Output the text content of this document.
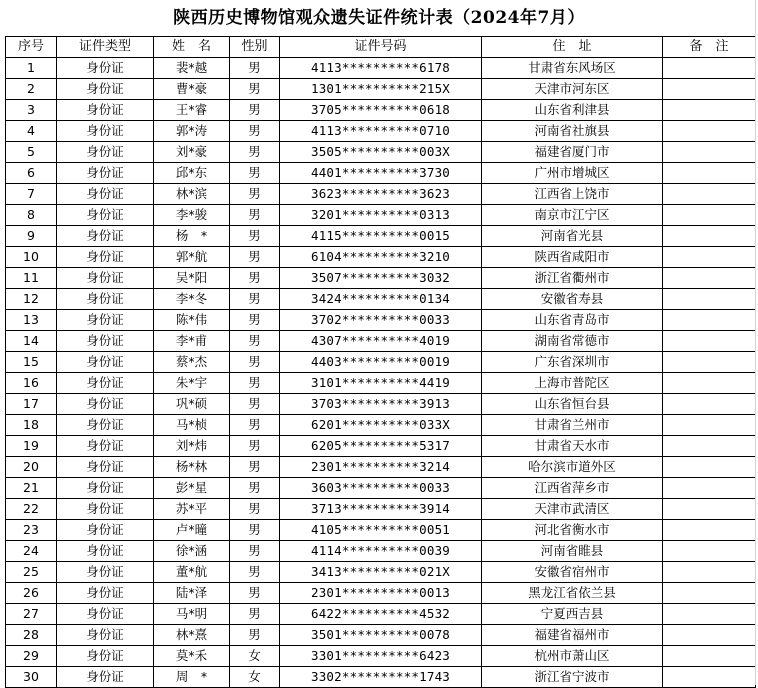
陕西历史博物馆观众遗失证件统计表（2024年7月）
序号	证件类型	姓　名	性别	证件号码	住　址	备　注
1	身份证	裴*越	男	4113**********6178	甘肃省东风场区	
2	身份证	曹*豪	男	1301**********215X	天津市河东区	
3	身份证	王*睿	男	3705**********0618	山东省利津县	
4	身份证	郭*涛	男	4113**********0710	河南省社旗县	
5	身份证	刘*豪	男	3505**********003X	福建省厦门市	
6	身份证	邱*东	男	4401**********3730	广州市增城区	
7	身份证	林*滨	男	3623**********3623	江西省上饶市	
8	身份证	李*骏	男	3201**********0313	南京市江宁区	
9	身份证	杨　*	男	4115**********0015	河南省光县	
10	身份证	郭*航	男	6104**********3210	陕西省咸阳市	
11	身份证	吴*阳	男	3507**********3032	浙江省衢州市	
12	身份证	李*冬	男	3424**********0134	安徽省寿县	
13	身份证	陈*伟	男	3702**********0033	山东省青岛市	
14	身份证	李*甫	男	4307**********4019	湖南省常德市	
15	身份证	蔡*杰	男	4403**********0019	广东省深圳市	
16	身份证	朱*宇	男	3101**********4419	上海市普陀区	
17	身份证	巩*硕	男	3703**********3913	山东省恒台县	
18	身份证	马*桢	男	6201**********033X	甘肃省兰州市	
19	身份证	刘*炜	男	6205**********5317	甘肃省天水市	
20	身份证	杨*林	男	2301**********3214	哈尔滨市道外区	
21	身份证	彭*星	男	3603**********0033	江西省萍乡市	
22	身份证	苏*平	男	3713**********3914	天津市武清区	
23	身份证	卢*曈	男	4105**********0051	河北省衡水市	
24	身份证	徐*涵	男	4114**********0039	河南省睢县	
25	身份证	董*航	男	3413**********021X	安徽省宿州市	
26	身份证	陆*泽	男	2301**********0013	黑龙江省依兰县	
27	身份证	马*明	男	6422**********4532	宁夏西吉县	
28	身份证	林*熹	男	3501**********0078	福建省福州市	
29	身份证	莫*禾	女	3301**********6423	杭州市萧山区	
30	身份证	周　*	女	3302**********1743	浙江省宁波市	
